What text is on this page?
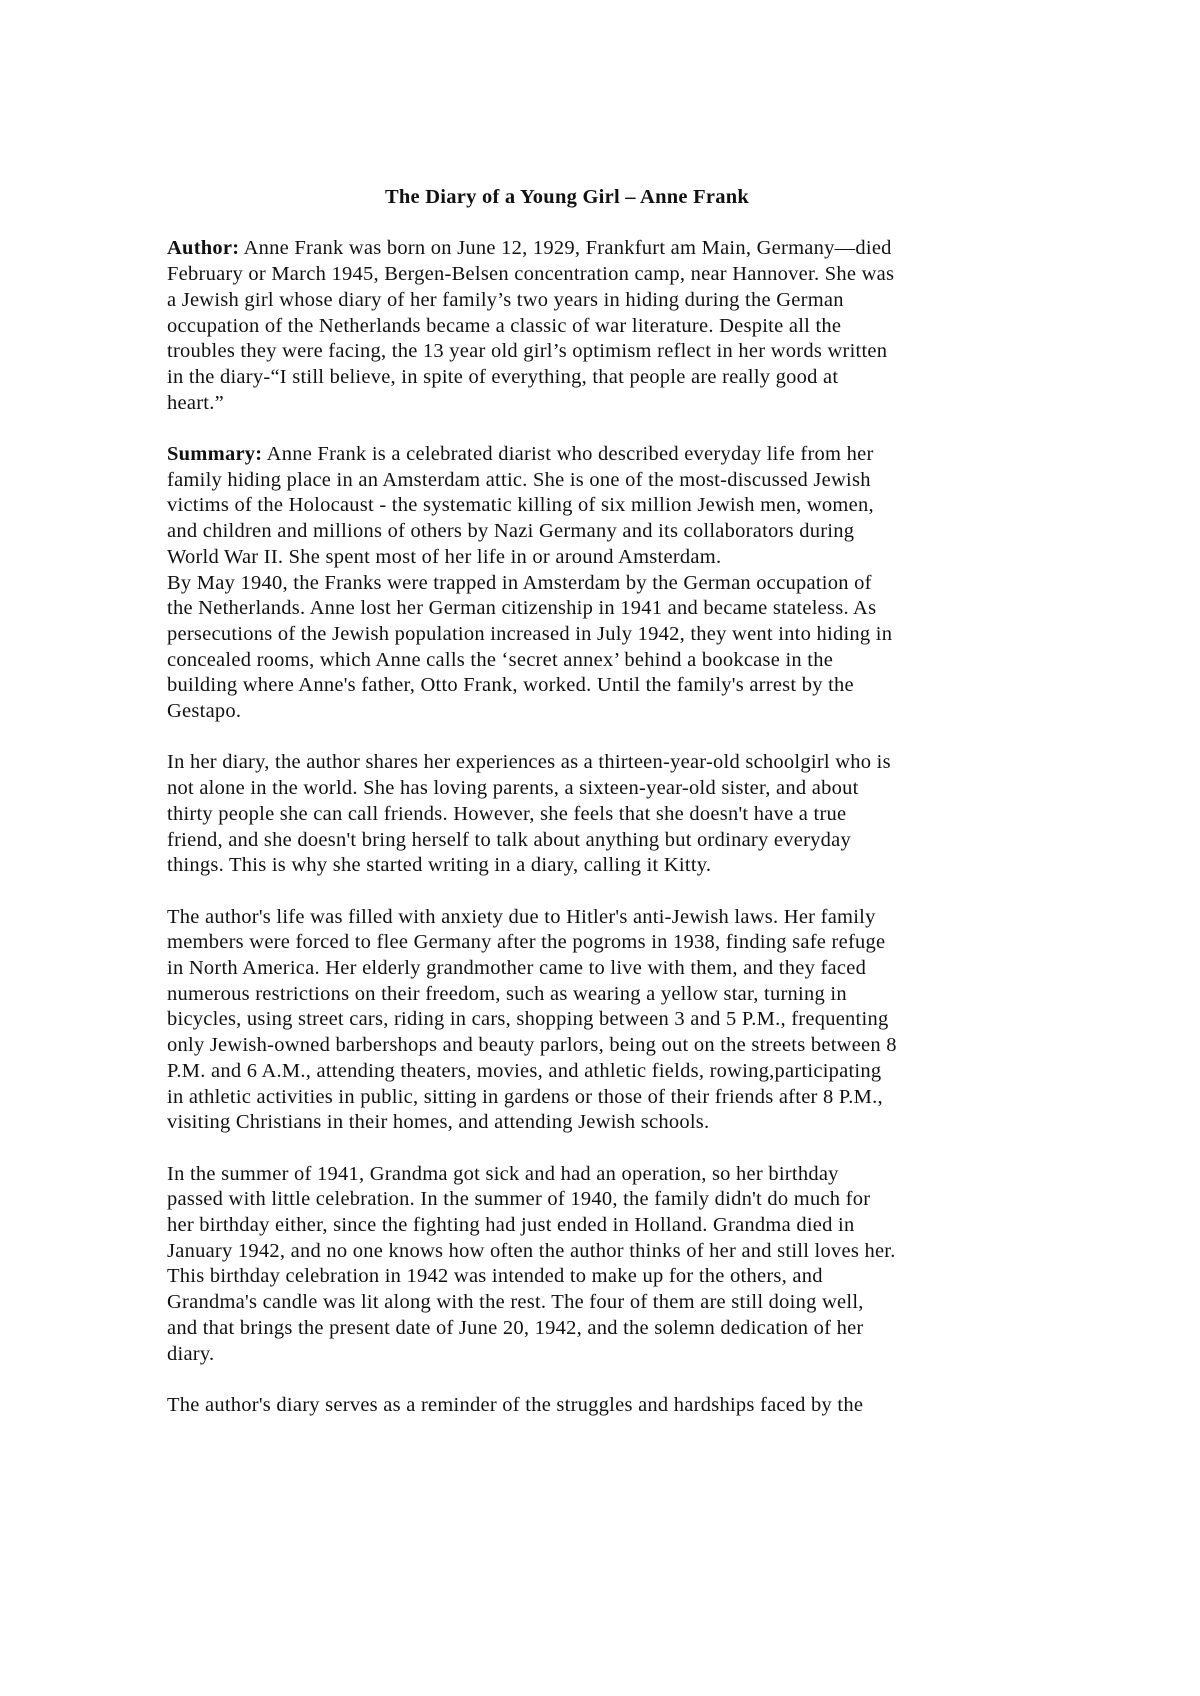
The Diary of a Young Girl – Anne Frank
Author: Anne Frank was born on June 12, 1929, Frankfurt am Main, Germany—died
February or March 1945, Bergen-Belsen concentration camp, near Hannover. She was
a Jewish girl whose diary of her family’s two years in hiding during the German
occupation of the Netherlands became a classic of war literature. Despite all the
troubles they were facing, the 13 year old girl’s optimism reflect in her words written
in the diary-“I still believe, in spite of everything, that people are really good at
heart.”
Summary: Anne Frank is a celebrated diarist who described everyday life from her
family hiding place in an Amsterdam attic. She is one of the most-discussed Jewish
victims of the Holocaust - the systematic killing of six million Jewish men, women,
and children and millions of others by Nazi Germany and its collaborators during
World War II. She spent most of her life in or around Amsterdam.
By May 1940, the Franks were trapped in Amsterdam by the German occupation of
the Netherlands. Anne lost her German citizenship in 1941 and became stateless. As
persecutions of the Jewish population increased in July 1942, they went into hiding in
concealed rooms, which Anne calls the ‘secret annex’ behind a bookcase in the
building where Anne's father, Otto Frank, worked. Until the family's arrest by the
Gestapo.
In her diary, the author shares her experiences as a thirteen-year-old schoolgirl who is
not alone in the world. She has loving parents, a sixteen-year-old sister, and about
thirty people she can call friends. However, she feels that she doesn't have a true
friend, and she doesn't bring herself to talk about anything but ordinary everyday
things. This is why she started writing in a diary, calling it Kitty.
The author's life was filled with anxiety due to Hitler's anti-Jewish laws. Her family
members were forced to flee Germany after the pogroms in 1938, finding safe refuge
in North America. Her elderly grandmother came to live with them, and they faced
numerous restrictions on their freedom, such as wearing a yellow star, turning in
bicycles, using street cars, riding in cars, shopping between 3 and 5 P.M., frequenting
only Jewish-owned barbershops and beauty parlors, being out on the streets between 8
P.M. and 6 A.M., attending theaters, movies, and athletic fields, rowing,participating
in athletic activities in public, sitting in gardens or those of their friends after 8 P.M.,
visiting Christians in their homes, and attending Jewish schools.
In the summer of 1941, Grandma got sick and had an operation, so her birthday
passed with little celebration. In the summer of 1940, the family didn't do much for
her birthday either, since the fighting had just ended in Holland. Grandma died in
January 1942, and no one knows how often the author thinks of her and still loves her.
This birthday celebration in 1942 was intended to make up for the others, and
Grandma's candle was lit along with the rest. The four of them are still doing well,
and that brings the present date of June 20, 1942, and the solemn dedication of her
diary.
The author's diary serves as a reminder of the struggles and hardships faced by the
